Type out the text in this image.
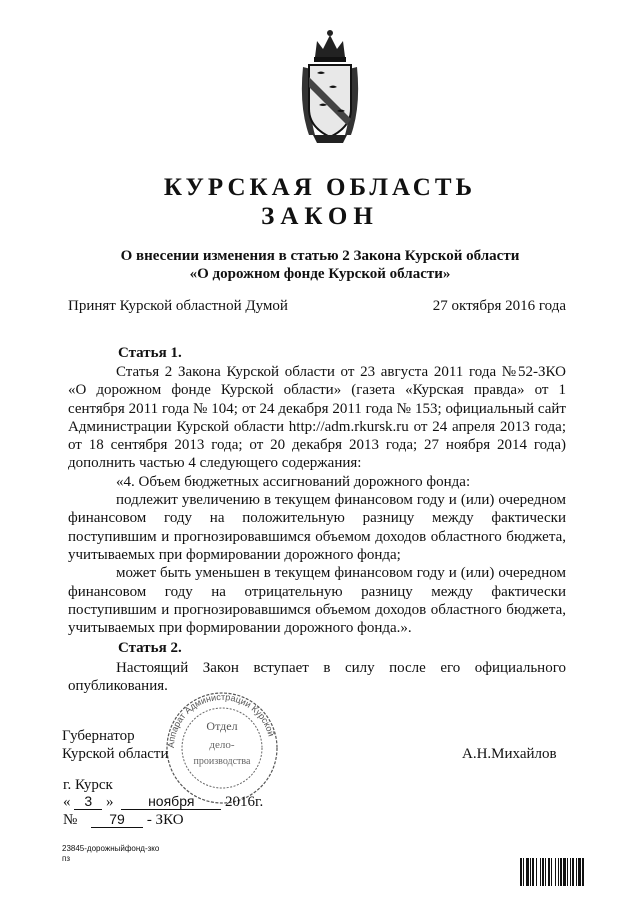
КУРСКАЯ ОБЛАСТЬ
ЗАКОН
О внесении изменения в статью 2 Закона Курской области
«О дорожном фонде Курской области»
Принят Курской областной Думой	27 октября 2016 года
Статья 1.

Статья 2 Закона Курской области от 23 августа 2011 года №52-ЗКО «О дорожном фонде Курской области» (газета «Курская правда» от 1 сентября 2011 года № 104; от 24 декабря 2011 года № 153; официальный сайт Администрации Курской области http://adm.rkursk.ru от 24 апреля 2013 года; от 18 сентября 2013 года; от 20 декабря 2013 года; 27 ноября 2014 года) дополнить частью 4 следующего содержания:

«4. Объем бюджетных ассигнований дорожного фонда:

подлежит увеличению в текущем финансовом году и (или) очередном финансовом году на положительную разницу между фактически поступившим и прогнозировавшимся объемом доходов областного бюджета, учитываемых при формировании дорожного фонда;

может быть уменьшен в текущем финансовом году и (или) очередном финансовом году на отрицательную разницу между фактически поступившим и прогнозировавшимся объемом доходов областного бюджета, учитываемых при формировании дорожного фонда.».

Статья 2.

Настоящий Закон вступает в силу после его официального опубликования.

Аппарат Администрации Курской
Отдел
дело-
производства
Губернатор
Курской области	А.Н.Михайлов
г. Курск
« 3 » ноября 2016г.
№ 79 - ЗКО
23845-дорожныйфонд-зко
пз
